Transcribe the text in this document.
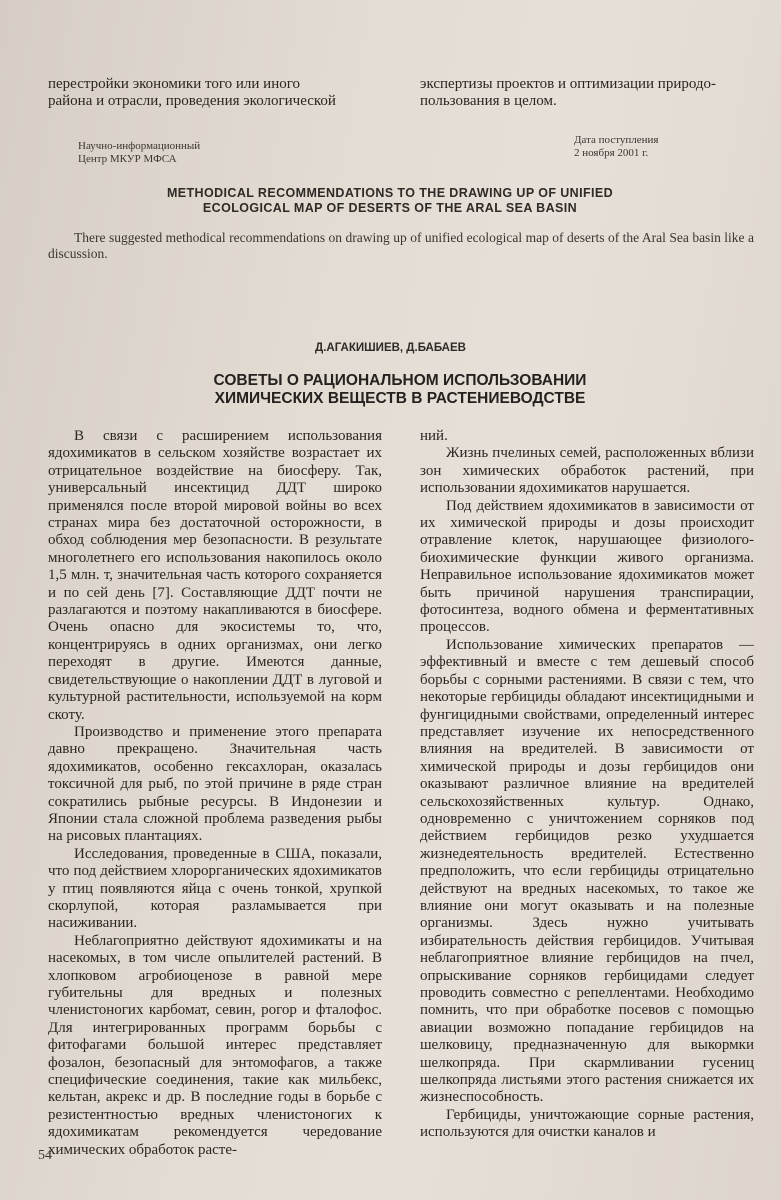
перестройки экономики того или иного

района и отрасли, проведения экологической

экспертизы проектов и оптимизации природо-

пользования в целом.

Научно-информационный
Центр МКУР МФСА
Дата поступления
2 ноября 2001 г.
METHODICAL RECOMMENDATIONS TO THE DRAWING UP OF UNIFIED
ECOLOGICAL MAP OF DESERTS OF THE ARAL SEA BASIN
There suggested methodical recommendations on drawing up of unified ecological map of deserts of the Aral Sea basin like a discussion.
Д.АГАКИШИЕВ, Д.БАБАЕВ
СОВЕТЫ О РАЦИОНАЛЬНОМ ИСПОЛЬЗОВАНИИ
ХИМИЧЕСКИХ ВЕЩЕСТВ В РАСТЕНИЕВОДСТВЕ

В связи с расширением использования ядохимикатов в сельском хозяйстве возрастает их отрицательное воздействие на биосферу. Так, универсальный инсектицид ДДТ широко применялся после второй мировой войны во всех странах мира без достаточной осторожности, в обход соблюдения мер безопасности. В результате многолетнего его использования накопилось около 1,5 млн. т, значительная часть которого сохраняется и по сей день [7]. Составляющие ДДТ почти не разлагаются и поэтому накапливаются в биосфере. Очень опасно для экосистемы то, что, концентрируясь в одних организмах, они легко переходят в другие. Имеются данные, свидетельствующие о накоплении ДДТ в луговой и культурной растительности, используемой на корм скоту.

Производство и применение этого препарата давно прекращено. Значительная часть ядохимикатов, особенно гексахлоран, оказалась токсичной для рыб, по этой причине в ряде стран сократились рыбные ресурсы. В Индонезии и Японии стала сложной проблема разведения рыбы на рисовых плантациях.

Исследования, проведенные в США, показали, что под действием хлорорганических ядохимикатов у птиц появляются яйца с очень тонкой, хрупкой скорлупой, которая разламывается при насиживании.

Неблагоприятно действуют ядохимикаты и на насекомых, в том числе опылителей растений. В хлопковом агробиоценозе в равной мере губительны для вредных и полезных членистоногих карбомат, севин, рогор и фталофос. Для интегрированных программ борьбы с фитофагами большой интерес представляет фозалон, безопасный для энтомофагов, а также специфические соединения, такие как мильбекс, кельтан, акрекс и др. В последние годы в борьбе с резистентностью вредных членистоногих к ядохимикатам рекомендуется чередование химических обработок расте-

ний.

Жизнь пчелиных семей, расположенных вблизи зон химических обработок растений, при использовании ядохимикатов нарушается.

Под действием ядохимикатов в зависимости от их химической природы и дозы происходит отравление клеток, нарушающее физиолого-биохимические функции живого организма. Неправильное использование ядохимикатов может быть причиной нарушения транспирации, фотосинтеза, водного обмена и ферментативных процессов.

Использование химических препаратов — эффективный и вместе с тем дешевый способ борьбы с сорными растениями. В связи с тем, что некоторые гербициды обладают инсектицидными и фунгицидными свойствами, определенный интерес представляет изучение их непосредственного влияния на вредителей. В зависимости от химической природы и дозы гербицидов они оказывают различное влияние на вредителей сельскохозяйственных культур. Однако, одновременно с уничтожением сорняков под действием гербицидов резко ухудшается жизнедеятельность вредителей. Естественно предположить, что если гербициды отрицательно действуют на вредных насекомых, то такое же влияние они могут оказывать и на полезные организмы. Здесь нужно учитывать избирательность действия гербицидов. Учитывая неблагоприятное влияние гербицидов на пчел, опрыскивание сорняков гербицидами следует проводить совместно с репеллентами. Необходимо помнить, что при обработке посевов с помощью авиации возможно попадание гербицидов на шелковицу, предназначенную для выкормки шелкопряда. При скармливании гусениц шелкопряда листьями этого растения снижается их жизнеспособность.

Гербициды, уничтожающие сорные растения, используются для очистки каналов и

54
